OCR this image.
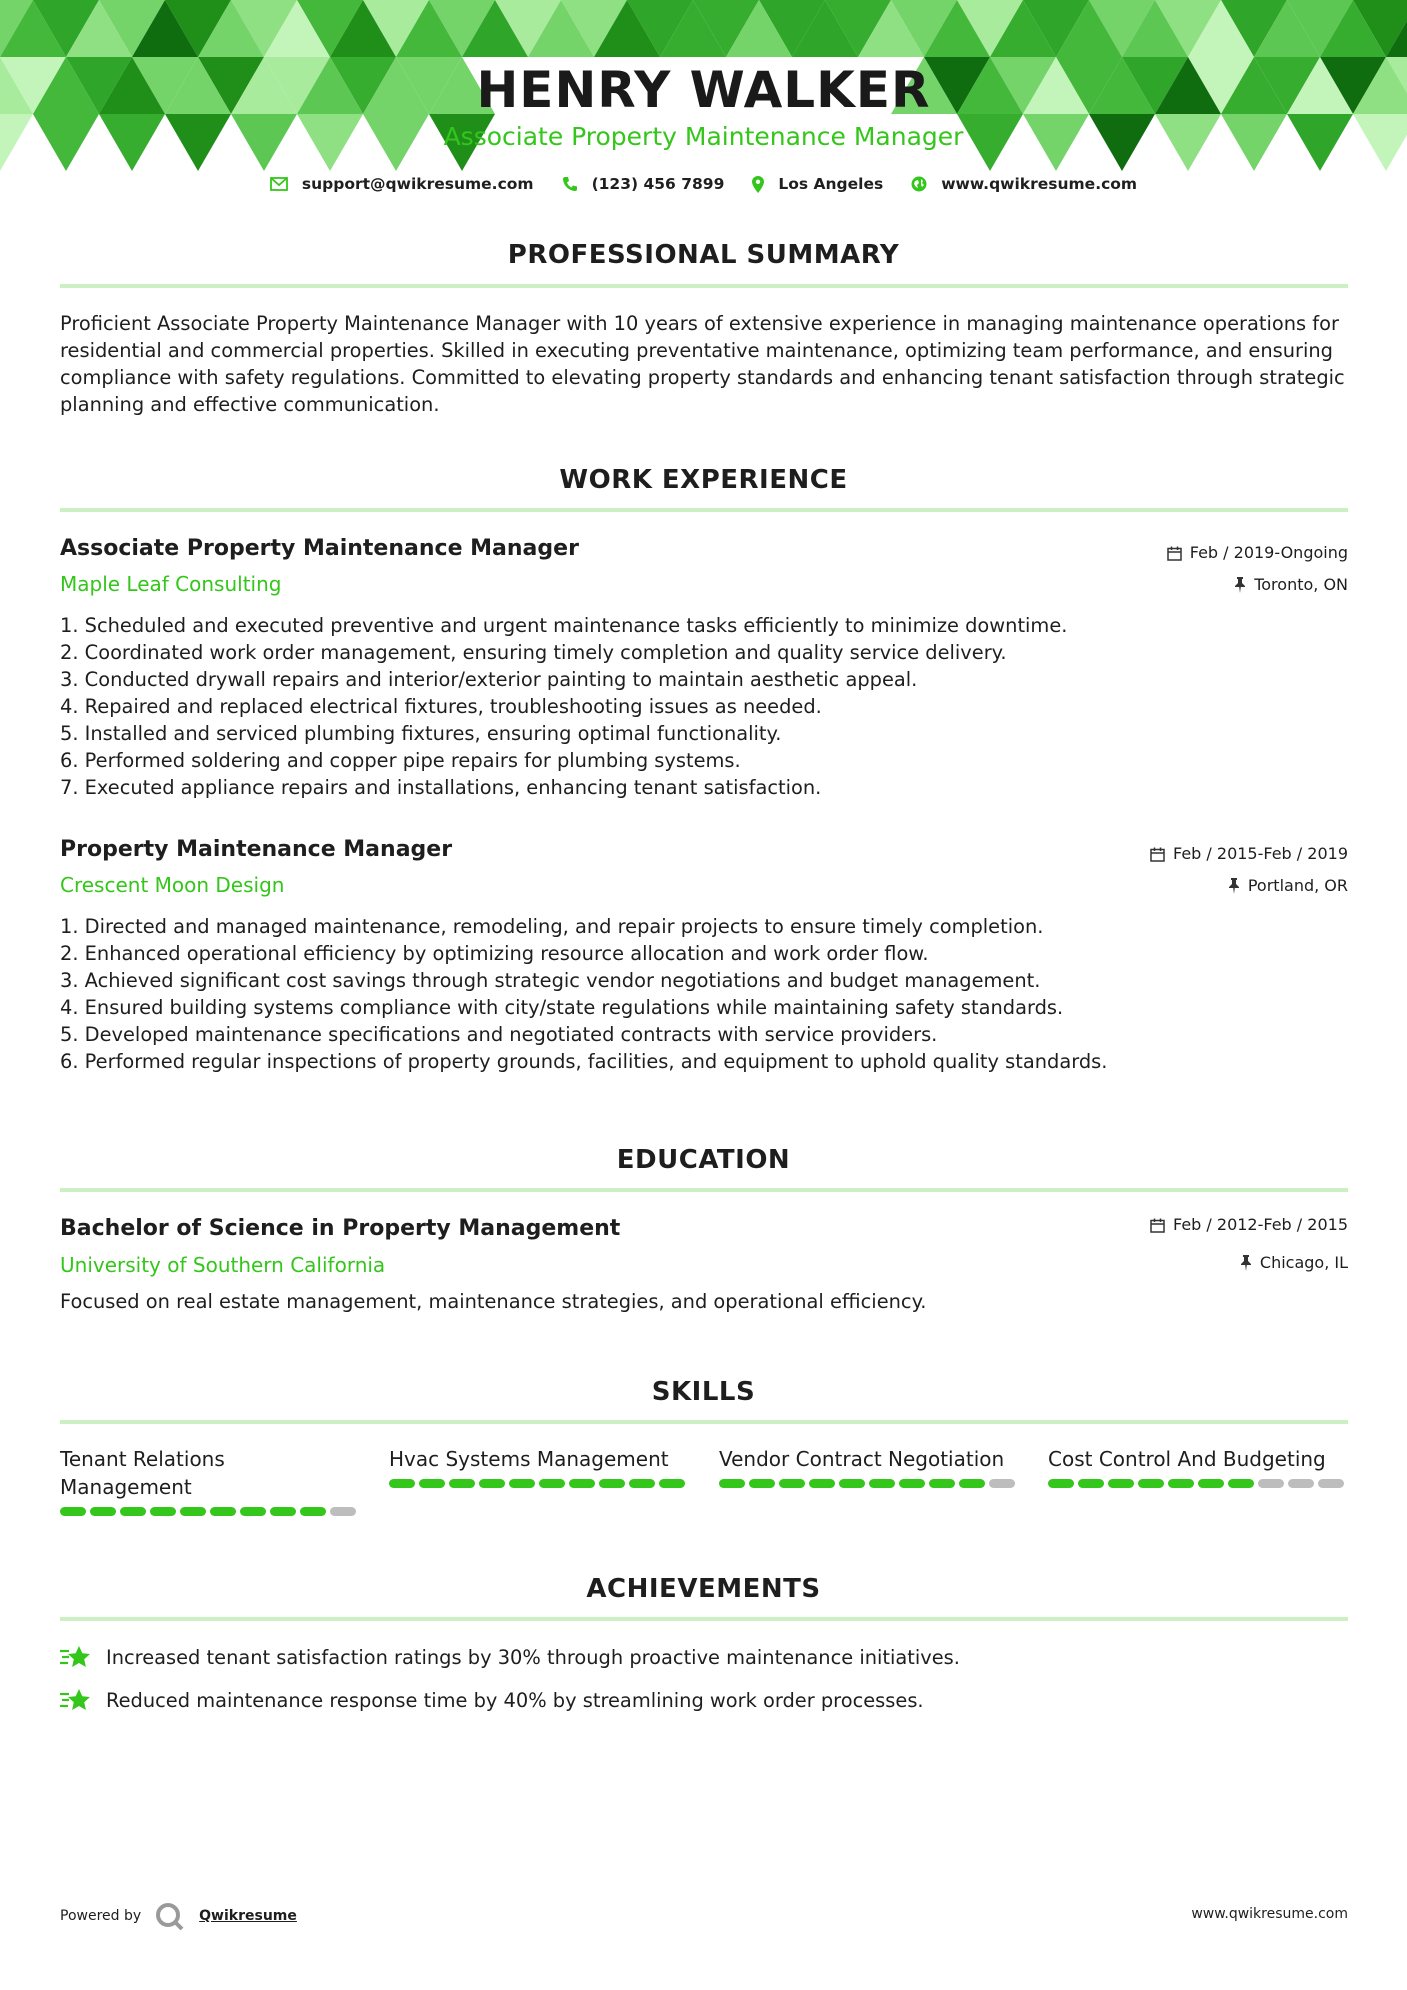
HENRY WALKER
Associate Property Maintenance Manager
support@qwikresume.com	(123) 456 7899	Los Angeles	www.qwikresume.com
PROFESSIONAL SUMMARY
Proficient Associate Property Maintenance Manager with 10 years of extensive experience in managing maintenance operations for residential and commercial properties. Skilled in executing preventative maintenance, optimizing team performance, and ensuring compliance with safety regulations. Committed to elevating property standards and enhancing tenant satisfaction through strategic planning and effective communication.
WORK EXPERIENCE
Associate Property Maintenance Manager	Feb / 2019-Ongoing
Maple Leaf Consulting	Toronto, ON
1. Scheduled and executed preventive and urgent maintenance tasks efficiently to minimize downtime.
2. Coordinated work order management, ensuring timely completion and quality service delivery.
3. Conducted drywall repairs and interior/exterior painting to maintain aesthetic appeal.
4. Repaired and replaced electrical fixtures, troubleshooting issues as needed.
5. Installed and serviced plumbing fixtures, ensuring optimal functionality.
6. Performed soldering and copper pipe repairs for plumbing systems.
7. Executed appliance repairs and installations, enhancing tenant satisfaction.
Property Maintenance Manager	Feb / 2015-Feb / 2019
Crescent Moon Design	Portland, OR
1. Directed and managed maintenance, remodeling, and repair projects to ensure timely completion.
2. Enhanced operational efficiency by optimizing resource allocation and work order flow.
3. Achieved significant cost savings through strategic vendor negotiations and budget management.
4. Ensured building systems compliance with city/state regulations while maintaining safety standards.
5. Developed maintenance specifications and negotiated contracts with service providers.
6. Performed regular inspections of property grounds, facilities, and equipment to uphold quality standards.
EDUCATION
Bachelor of Science in Property Management	Feb / 2012-Feb / 2015
University of Southern California	Chicago, IL
Focused on real estate management, maintenance strategies, and operational efficiency.
SKILLS
Tenant Relations Management
Hvac Systems Management	Vendor Contract Negotiation	Cost Control And Budgeting
ACHIEVEMENTS
Increased tenant satisfaction ratings by 30% through proactive maintenance initiatives.
Reduced maintenance response time by 40% by streamlining work order processes.
Powered by	Qwikresume	www.qwikresume.com
